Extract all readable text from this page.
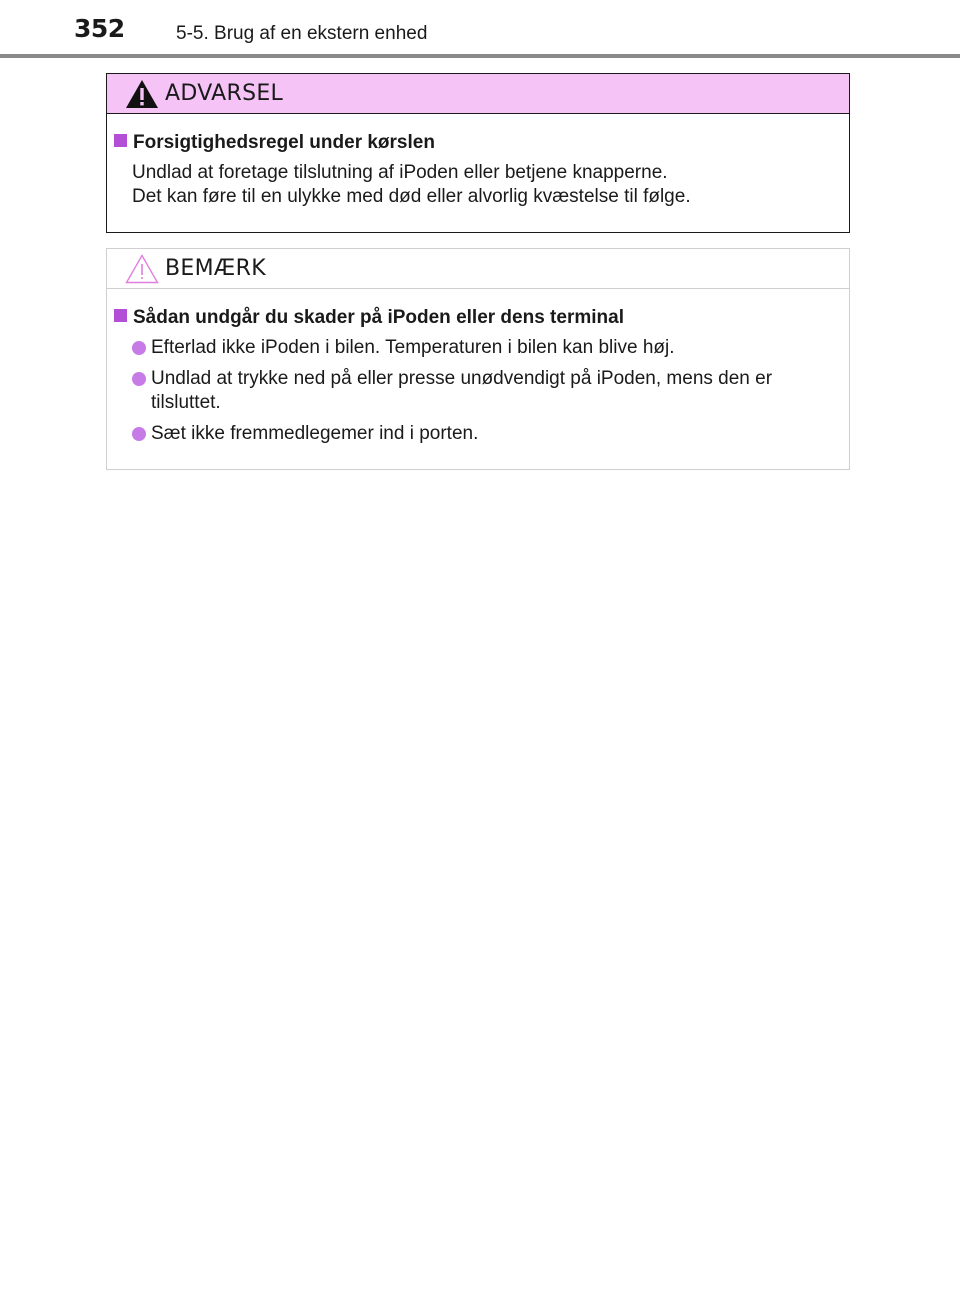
352	5-5. Brug af en ekstern enhed
ADVARSEL
Forsigtighedsregel under kørslen
Undlad at foretage tilslutning af iPoden eller betjene knapperne.
Det kan føre til en ulykke med død eller alvorlig kvæstelse til følge.
BEMÆRK
Sådan undgår du skader på iPoden eller dens terminal
Efterlad ikke iPoden i bilen. Temperaturen i bilen kan blive høj.
Undlad at trykke ned på eller presse unødvendigt på iPoden, mens den er tilsluttet.
Sæt ikke fremmedlegemer ind i porten.
